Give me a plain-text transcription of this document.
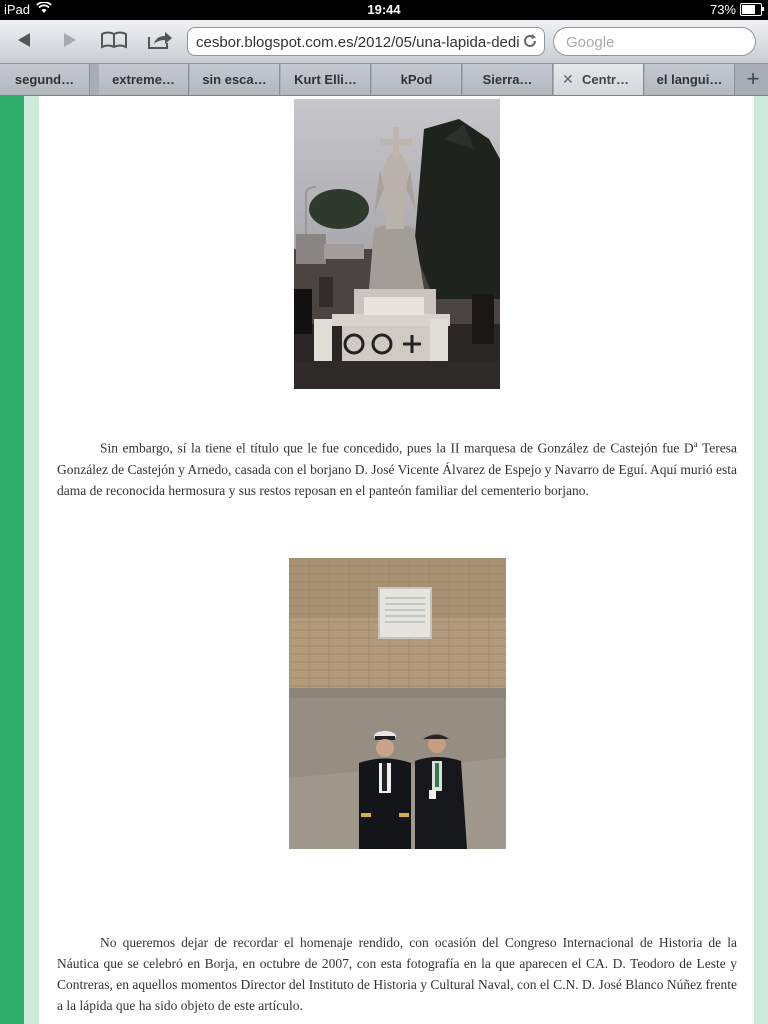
iPad	19:44	73%
cesbor.blogspot.com.es/2012/05/una-lapida-dedi	Google
segund…	extreme…	sin esca…	Kurt Elli…	kPod	Sierra…	✕ Centr…	el langui…	+

Sin embargo, sí la tiene el título que le fue concedido, pues la II marquesa de González de Castejón fue $D^a$ Teresa González de Castejón y Arnedo, casada con el borjano D. José Vicente Álvarez de Espejo y Navarro de Eguí. Aquí murió esta dama de reconocida hermosura y sus restos reposan en el panteón familiar del cementerio borjano.

No queremos dejar de recordar el homenaje rendido, con ocasión del Congreso Internacional de Historia de la Náutica que se celebró en Borja, en octubre de 2007, con esta fotografía en la que aparecen el CA. D. Teodoro de Leste y Contreras, en aquellos momentos Director del Instituto de Historia y Cultural Naval, con el C.N. D. José Blanco Núñez frente a la lápida que ha sido objeto de este artículo.
